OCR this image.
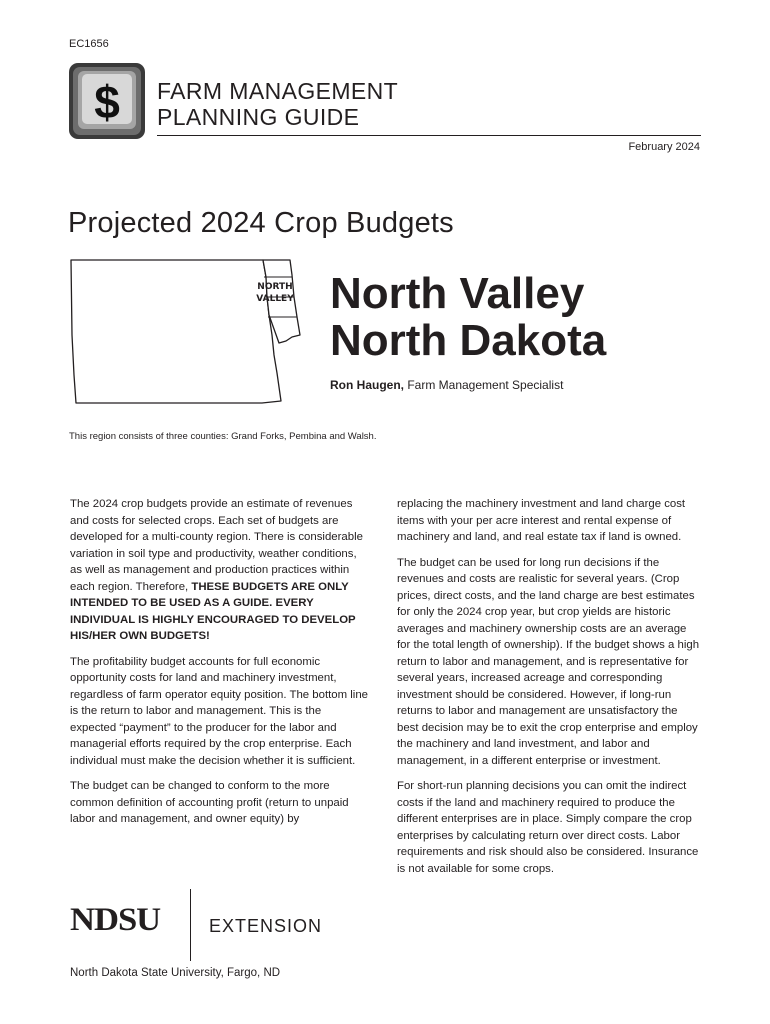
EC1656
$ FARM MANAGEMENT
PLANNING GUIDE
February 2024
Projected 2024 Crop Budgets
NORTH
VALLEY North Valley
North Dakota
Ron Haugen, Farm Management Specialist
This region consists of three counties: Grand Forks, Pembina and Walsh.

The 2024 crop budgets provide an estimate of revenues and costs for selected crops. Each set of budgets are developed for a multi-county region. There is considerable variation in soil type and productivity, weather conditions, as well as management and production practices within each region. Therefore, THESE BUDGETS ARE ONLY INTENDED TO BE USED AS A GUIDE. EVERY INDIVIDUAL IS HIGHLY ENCOURAGED TO DEVELOP HIS/HER OWN BUDGETS!

The profitability budget accounts for full economic opportunity costs for land and machinery investment, regardless of farm operator equity position. The bottom line is the return to labor and management. This is the expected “payment” to the producer for the labor and managerial efforts required by the crop enterprise. Each individual must make the decision whether it is sufficient.

The budget can be changed to conform to the more common definition of accounting profit (return to unpaid labor and management, and owner equity) by

replacing the machinery investment and land charge cost items with your per acre interest and rental expense of machinery and land, and real estate tax if land is owned.

The budget can be used for long run decisions if the revenues and costs are realistic for several years. (Crop prices, direct costs, and the land charge are best estimates for only the 2024 crop year, but crop yields are historic averages and machinery ownership costs are an average for the total length of ownership). If the budget shows a high return to labor and management, and is representative for several years, increased acreage and corresponding investment should be considered. However, if long-run returns to labor and management are unsatisfactory the best decision may be to exit the crop enterprise and employ the machinery and land investment, and labor and management, in a different enterprise or investment.

For short-run planning decisions you can omit the indirect costs if the land and machinery required to produce the different enterprises are in place. Simply compare the crop enterprises by calculating return over direct costs. Labor requirements and risk should also be considered. Insurance is not available for some crops.

NDSU	EXTENSION
North Dakota State University, Fargo, ND
